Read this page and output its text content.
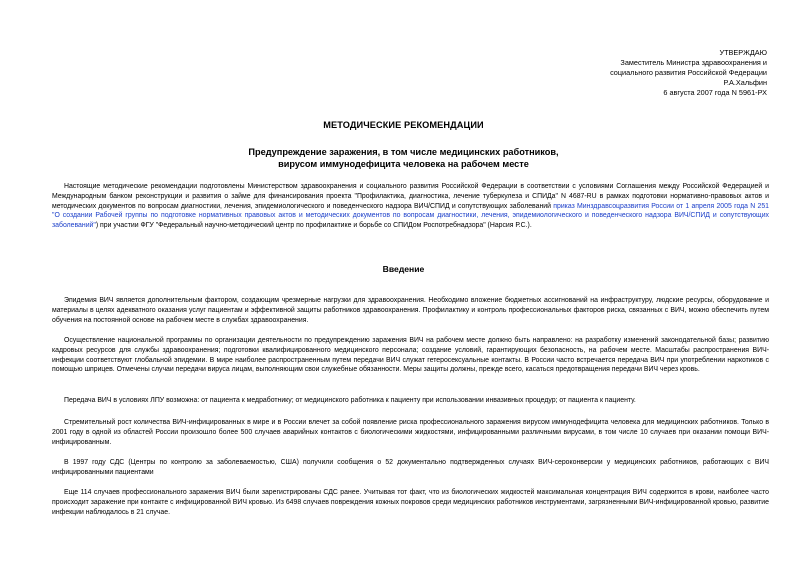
УТВЕРЖДАЮ
Заместитель Министра здравоохранения и
социального развития Российской Федерации
Р.А.Хальфин
6 августа 2007 года N 5961-РХ
МЕТОДИЧЕСКИЕ РЕКОМЕНДАЦИИ
Предупреждение заражения, в том числе медицинских работников,
вирусом иммунодефицита человека на рабочем месте
Настоящие методические рекомендации подготовлены Министерством здравоохранения и социального развития Российской Федерации в соответствии с условиями Соглашения между Российской Федерацией и Международным банком реконструкции и развития о займе для финансирования проекта "Профилактика, диагностика, лечение туберкулеза и СПИДа" N 4687-RU в рамках подготовки нормативно-правовых актов и методических документов по вопросам диагностики, лечения, эпидемиологического и поведенческого надзора ВИЧ/СПИД и сопутствующих заболеваний приказ Минздравсоцразвития России от 1 апреля 2005 года N 251 "О создании Рабочей группы по подготовке нормативных правовых актов и методических документов по вопросам диагностики, лечения, эпидемиологического и поведенческого надзора ВИЧ/СПИД и сопутствующих заболеваний") при участии ФГУ "Федеральный научно-методический центр по профилактике и борьбе со СПИДом Роспотребнадзора" (Нарсия Р.С.).
Введение
Эпидемия ВИЧ является дополнительным фактором, создающим чрезмерные нагрузки для здравоохранения. Необходимо вложение бюджетных ассигнований на инфраструктуру, людские ресурсы, оборудование и материалы в целях адекватного оказания услуг пациентам и эффективной защиты работников здравоохранения. Профилактику и контроль профессиональных факторов риска, связанных с ВИЧ, можно обеспечить путем обучения на постоянной основе на рабочем месте в службах здравоохранения.
Осуществление национальной программы по организации деятельности по предупреждению заражения ВИЧ на рабочем месте должно быть направлено: на разработку изменений законодательной базы; развитию кадровых ресурсов для службы здравоохранения; подготовки квалифицированного медицинского персонала; создание условий, гарантирующих безопасность, на рабочем месте. Масштабы распространения ВИЧ-инфекции соответствуют глобальной эпидемии. В мире наиболее распространенным путем передачи ВИЧ служат гетеросексуальные контакты. В России часто встречается передача ВИЧ при употреблении наркотиков с помощью шприцев. Отмечены случаи передачи вируса лицам, выполняющим свои служебные обязанности. Меры защиты должны, прежде всего, касаться предотвращения передачи ВИЧ через кровь.
Передача ВИЧ в условиях ЛПУ возможна: от пациента к медработнику; от медицинского работника к пациенту при использовании инвазивных процедур; от пациента к пациенту.
Стремительный рост количества ВИЧ-инфицированных в мире и в России влечет за собой появление риска профессионального заражения вирусом иммунодефицита человека для медицинских работников. Только в 2001 году в одной из областей России произошло более 500 случаев аварийных контактов с биологическими жидкостями, инфицированными различными вирусами, в том числе 10 случаев при оказании помощи ВИЧ-инфицированным.
В 1997 году СДС (Центры по контролю за заболеваемостью, США) получили сообщения о 52 документально подтвержденных случаях ВИЧ-сероконверсии у медицинских работников, работающих с ВИЧ инфицированными пациентами
Еще 114 случаев профессионального заражения ВИЧ были зарегистрированы СДС ранее. Учитывая тот факт, что из биологических жидкостей максимальная концентрация ВИЧ содержится в крови, наиболее часто происходит заражение при контакте с инфицированной ВИЧ кровью. Из 6498 случаев повреждения кожных покровов среди медицинских работников инструментами, загрязненными ВИЧ-инфицированной кровью, развитие инфекции наблюдалось в 21 случае.
